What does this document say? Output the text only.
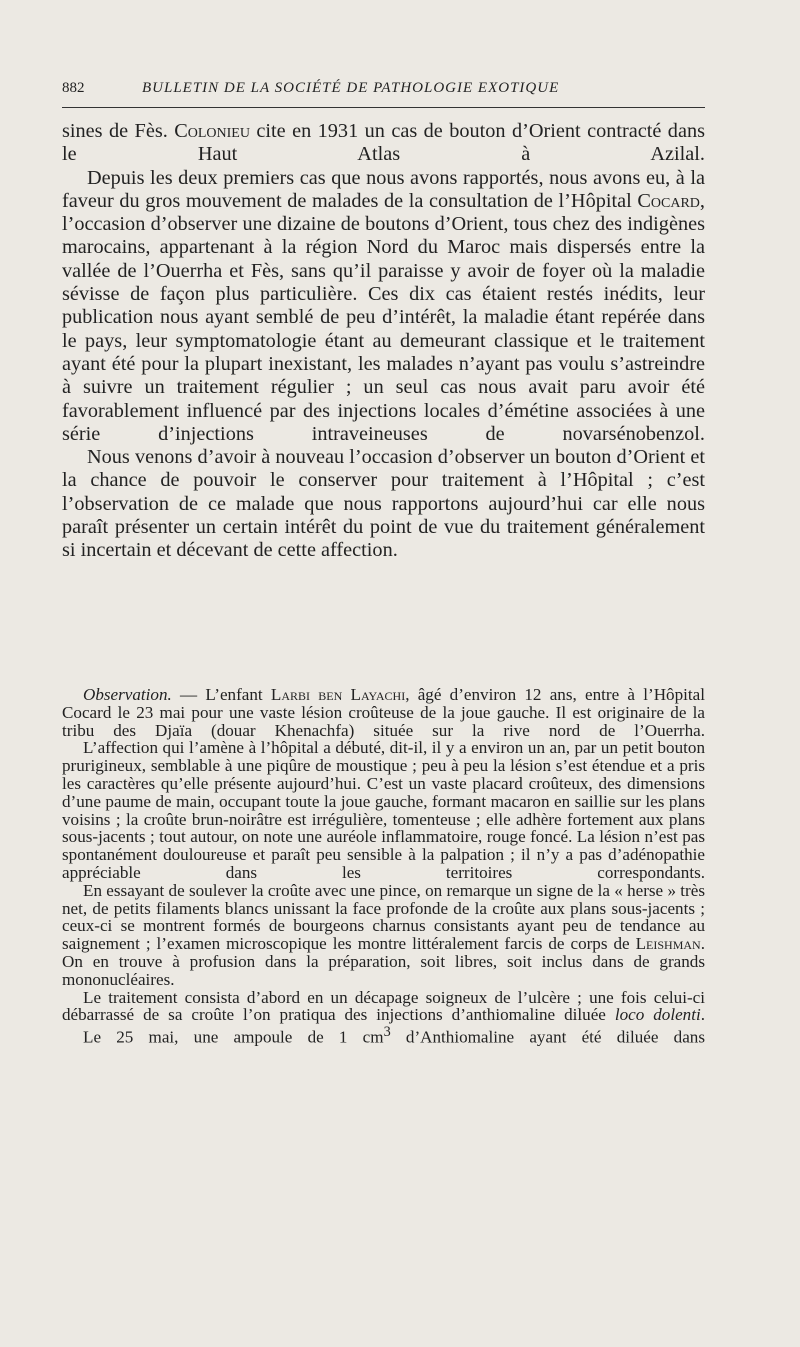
882	BULLETIN DE LA SOCIÉTÉ DE PATHOLOGIE EXOTIQUE

sines de Fès. Colonieu cite en 1931 un cas de bouton d’Orient contracté dans le Haut Atlas à Azilal.

Depuis les deux premiers cas que nous avons rapportés, nous avons eu, à la faveur du gros mouvement de malades de la consultation de l’Hôpital Cocard, l’occasion d’observer une dizaine de boutons d’Orient, tous chez des indigènes marocains, appartenant à la région Nord du Maroc mais dispersés entre la vallée de l’Ouerrha et Fès, sans qu’il paraisse y avoir de foyer où la maladie sévisse de façon plus particulière. Ces dix cas étaient restés inédits, leur publication nous ayant semblé de peu d’intérêt, la maladie étant repérée dans le pays, leur symptomatologie étant au demeurant classique et le traitement ayant été pour la plupart inexistant, les malades n’ayant pas voulu s’astreindre à suivre un traitement régulier ; un seul cas nous avait paru avoir été favorablement influencé par des injections locales d’émétine associées à une série d’injections intraveineuses de novarsénobenzol.

Nous venons d’avoir à nouveau l’occasion d’observer un bouton d’Orient et la chance de pouvoir le conserver pour traitement à l’Hôpital ; c’est l’observation de ce malade que nous rapportons aujourd’hui car elle nous paraît présenter un certain intérêt du point de vue du traitement généralement si incertain et décevant de cette affection.

Observation. — L’enfant Larbi ben Layachi, âgé d’environ 12 ans, entre à l’Hôpital Cocard le 23 mai pour une vaste lésion croûteuse de la joue gauche. Il est originaire de la tribu des Djaïa (douar Khenachfa) située sur la rive nord de l’Ouerrha.

L’affection qui l’amène à l’hôpital a débuté, dit-il, il y a environ un an, par un petit bouton prurigineux, semblable à une piqûre de moustique ; peu à peu la lésion s’est étendue et a pris les caractères qu’elle présente aujourd’hui. C’est un vaste placard croûteux, des dimensions d’une paume de main, occupant toute la joue gauche, formant macaron en saillie sur les plans voisins ; la croûte brun-noirâtre est irrégulière, tomenteuse ; elle adhère fortement aux plans sous-jacents ; tout autour, on note une auréole inflammatoire, rouge foncé. La lésion n’est pas spontanément douloureuse et paraît peu sensible à la palpation ; il n’y a pas d’adénopathie appréciable dans les territoires correspondants.

En essayant de soulever la croûte avec une pince, on remarque un signe de la « herse » très net, de petits filaments blancs unissant la face profonde de la croûte aux plans sous-jacents ; ceux-ci se montrent formés de bourgeons charnus consistants ayant peu de tendance au saignement ; l’examen microscopique les montre littéralement farcis de corps de Leishman. On en trouve à profusion dans la préparation, soit libres, soit inclus dans de grands mononucléaires.

Le traitement consista d’abord en un décapage soigneux de l’ulcère ; une fois celui-ci débarrassé de sa croûte l’on pratiqua des injections d’anthiomaline diluée loco dolenti.

Le 25 mai, une ampoule de 1 $cm^3$ d’Anthiomaline ayant été diluée dans
